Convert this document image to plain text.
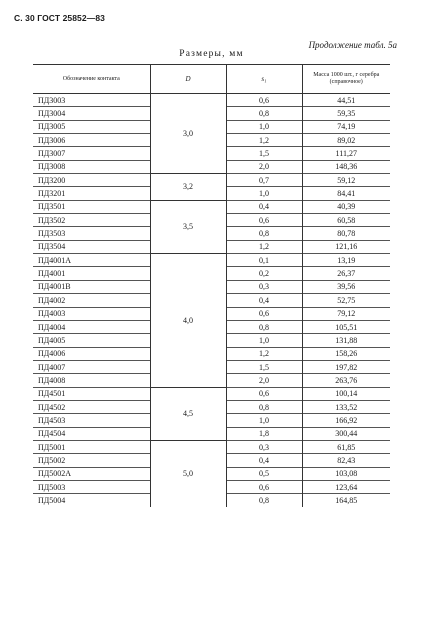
С. 30 ГОСТ 25852—83
Продолжение табл. 5а
Размеры, мм
Обозначение контакта	D	s₁	Масса 1000 шт., г серебра (справочное)
ПД3003	3,0	0,6	44,51
ПД3004		0,8	59,35
ПД3005		1,0	74,19
ПД3006		1,2	89,02
ПД3007		1,5	111,27
ПД3008		2,0	148,36
ПД3200	3,2	0,7	59,12
ПД3201		1,0	84,41
ПД3501	3,5	0,4	40,39
ПД3502		0,6	60,58
ПД3503		0,8	80,78
ПД3504		1,2	121,16
ПД4001А	4,0	0,1	13,19
ПД4001		0,2	26,37
ПД4001В		0,3	39,56
ПД4002		0,4	52,75
ПД4003		0,6	79,12
ПД4004		0,8	105,51
ПД4005		1,0	131,88
ПД4006		1,2	158,26
ПД4007		1,5	197,82
ПД4008		2,0	263,76
ПД4501	4,5	0,6	100,14
ПД4502		0,8	133,52
ПД4503		1,0	166,92
ПД4504		1,8	300,44
ПД5001	5,0	0,3	61,85
ПД5002		0,4	82,43
ПД5002А		0,5	103,08
ПД5003		0,6	123,64
ПД5004		0,8	164,85
